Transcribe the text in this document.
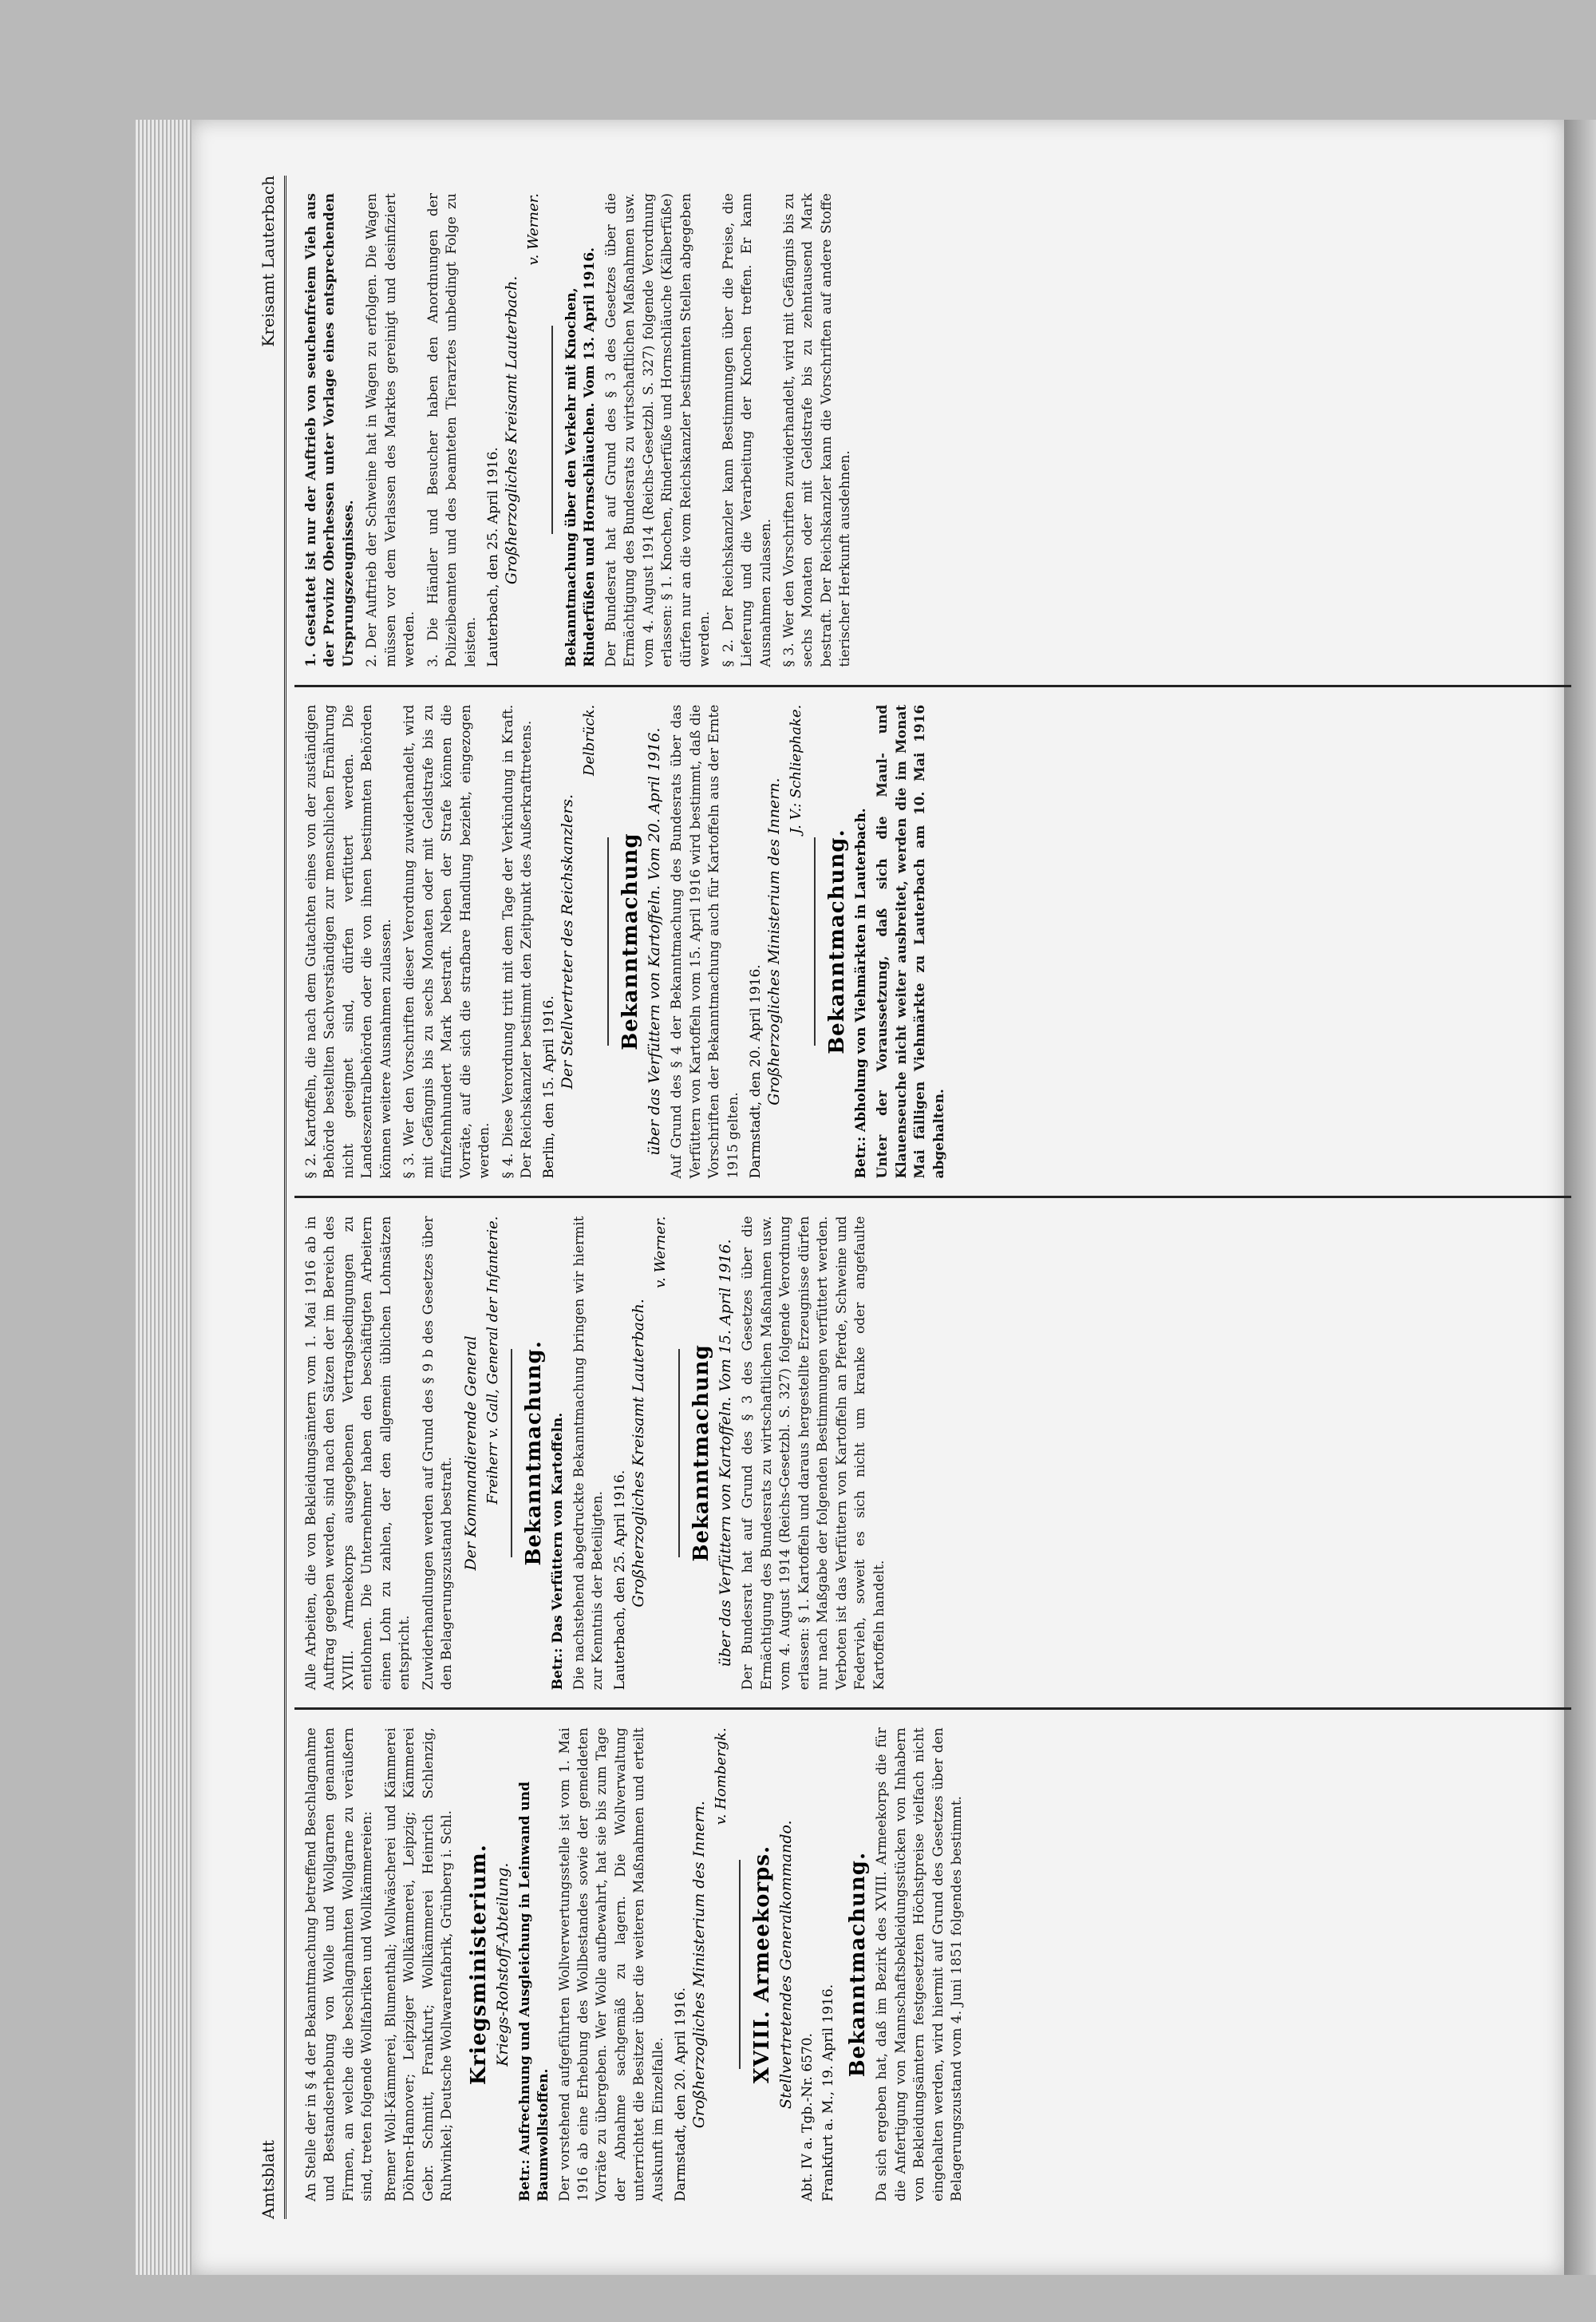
Amtsblatt
Kreisamt Lauterbach

An Stelle der in § 4 der Bekanntmachung betreffend Beschlagnahme und Bestandserhebung von Wolle und Wollgarnen genannten Firmen, an welche die beschlagnahmten Wollgarne zu veräußern sind, treten folgende Wollfabriken und Wollkämmereien: Bremer Woll-Kämmerei, Blumenthal; Wollwäscherei und Kämmerei Döhren-Hannover; Leipziger Wollkämmerei, Leipzig; Kämmerei Gebr. Schmitt, Frankfurt; Wollkämmerei Heinrich Schlenzig, Ruhwinkel; Deutsche Wollwarenfabrik, Grünberg i. Schl. Kriegsministerium. Kriegs-Rohstoff-Abteilung. Betr.: Aufrechnung und Ausgleichung in Leinwand und Baumwollstoffen. Der vorstehend aufgeführten Wollverwertungsstelle ist vom 1. Mai 1916 ab eine Erhebung des Wollbestandes sowie der gemeldeten Vorräte zu übergeben. Wer Wolle aufbewahrt, hat sie bis zum Tage der Abnahme sachgemäß zu lagern. Die Wollverwaltung unterrichtet die Besitzer über die weiteren Maßnahmen und erteilt Auskunft im Einzelfalle. Darmstadt, den 20. April 1916. Großherzogliches Ministerium des Innern.
v. Hombergk.
XVIII. Armeekorps. Stellvertretendes Generalkommando.
Abt. IV a. Tgb.-Nr. 6570. Frankfurt a. M., 19. April 1916.
Bekanntmachung. Da sich ergeben hat, daß im Bezirk des XVIII. Armeekorps die für die Anfertigung von Mannschaftsbekleidungsstücken von Inhabern von Bekleidungsämtern festgesetzten Höchstpreise vielfach nicht eingehalten werden, wird hiermit auf Grund des Gesetzes über den Belagerungszustand vom 4. Juni 1851 folgendes bestimmt.

Alle Arbeiten, die von Bekleidungsämtern vom 1. Mai 1916 ab in Auftrag gegeben werden, sind nach den Sätzen der im Bereich des XVIII. Armeekorps ausgegebenen Vertragsbedingungen zu entlohnen. Die Unternehmer haben den beschäftigten Arbeitern einen Lohn zu zahlen, der den allgemein üblichen Lohnsätzen entspricht. Zuwiderhandlungen werden auf Grund des § 9 b des Gesetzes über den Belagerungszustand bestraft.

Der Kommandierende General Freiherr v. Gall, General der Infanterie. Bekanntmachung. Betr.: Das Verfüttern von Kartoffeln. Die nachstehend abgedruckte Bekanntmachung bringen wir hiermit zur Kenntnis der Beteiligten. Lauterbach, den 25. April 1916. Großherzogliches Kreisamt Lauterbach.
v. Werner.
Bekanntmachung über das Verfüttern von Kartoffeln. Vom 15. April 1916. Der Bundesrat hat auf Grund des § 3 des Gesetzes über die Ermächtigung des Bundesrats zu wirtschaftlichen Maßnahmen usw. vom 4. August 1914 (Reichs-Gesetzbl. S. 327) folgende Verordnung erlassen: § 1. Kartoffeln und daraus hergestellte Erzeugnisse dürfen nur nach Maßgabe der folgenden Bestimmungen verfüttert werden. Verboten ist das Verfüttern von Kartoffeln an Pferde, Schweine und Federvieh, soweit es sich nicht um kranke oder angefaulte Kartoffeln handelt.

§ 2. Kartoffeln, die nach dem Gutachten eines von der zuständigen Behörde bestellten Sachverständigen zur menschlichen Ernährung nicht geeignet sind, dürfen verfüttert werden. Die Landeszentralbehörden oder die von ihnen bestimmten Behörden können weitere Ausnahmen zulassen. § 3. Wer den Vorschriften dieser Verordnung zuwiderhandelt, wird mit Gefängnis bis zu sechs Monaten oder mit Geldstrafe bis zu fünfzehnhundert Mark bestraft. Neben der Strafe können die Vorräte, auf die sich die strafbare Handlung bezieht, eingezogen werden. § 4. Diese Verordnung tritt mit dem Tage der Verkündung in Kraft. Der Reichskanzler bestimmt den Zeitpunkt des Außerkrafttretens. Berlin, den 15. April 1916. Der Stellvertreter des Reichskanzlers.
Delbrück.
Bekanntmachung über das Verfüttern von Kartoffeln. Vom 20. April 1916. Auf Grund des § 4 der Bekanntmachung des Bundesrats über das Verfüttern von Kartoffeln vom 15. April 1916 wird bestimmt, daß die Vorschriften der Bekanntmachung auch für Kartoffeln aus der Ernte 1915 gelten. Darmstadt, den 20. April 1916. Großherzogliches Ministerium des Innern.
J. V.: Schliephake.
Bekanntmachung. Betr.: Abholung von Viehmärkten in Lauterbach. Unter der Voraussetzung, daß sich die Maul- und Klauenseuche nicht weiter ausbreitet, werden die im Monat Mai fälligen Viehmärkte zu Lauterbach am 10. Mai 1916 abgehalten.

1. Gestattet ist nur der Auftrieb von seuchenfreiem Vieh aus der Provinz Oberhessen unter Vorlage eines entsprechenden Ursprungszeugnisses. 2. Der Auftrieb der Schweine hat in Wagen zu erfolgen. Die Wagen müssen vor dem Verlassen des Marktes gereinigt und desinfiziert werden. 3. Die Händler und Besucher haben den Anordnungen der Polizeibeamten und des beamteten Tierarztes unbedingt Folge zu leisten. Lauterbach, den 25. April 1916. Großherzogliches Kreisamt Lauterbach.
v. Werner.
Bekanntmachung über den Verkehr mit Knochen, Rinderfüßen und Hornschläuchen. Vom 13. April 1916. Der Bundesrat hat auf Grund des § 3 des Gesetzes über die Ermächtigung des Bundesrats zu wirtschaftlichen Maßnahmen usw. vom 4. August 1914 (Reichs-Gesetzbl. S. 327) folgende Verordnung erlassen: § 1. Knochen, Rinderfüße und Hornschläuche (Kälberfüße) dürfen nur an die vom Reichskanzler bestimmten Stellen abgegeben werden. § 2. Der Reichskanzler kann Bestimmungen über die Preise, die Lieferung und die Verarbeitung der Knochen treffen. Er kann Ausnahmen zulassen. § 3. Wer den Vorschriften zuwiderhandelt, wird mit Gefängnis bis zu sechs Monaten oder mit Geldstrafe bis zu zehntausend Mark bestraft. Der Reichskanzler kann die Vorschriften auf andere Stoffe tierischer Herkunft ausdehnen.
